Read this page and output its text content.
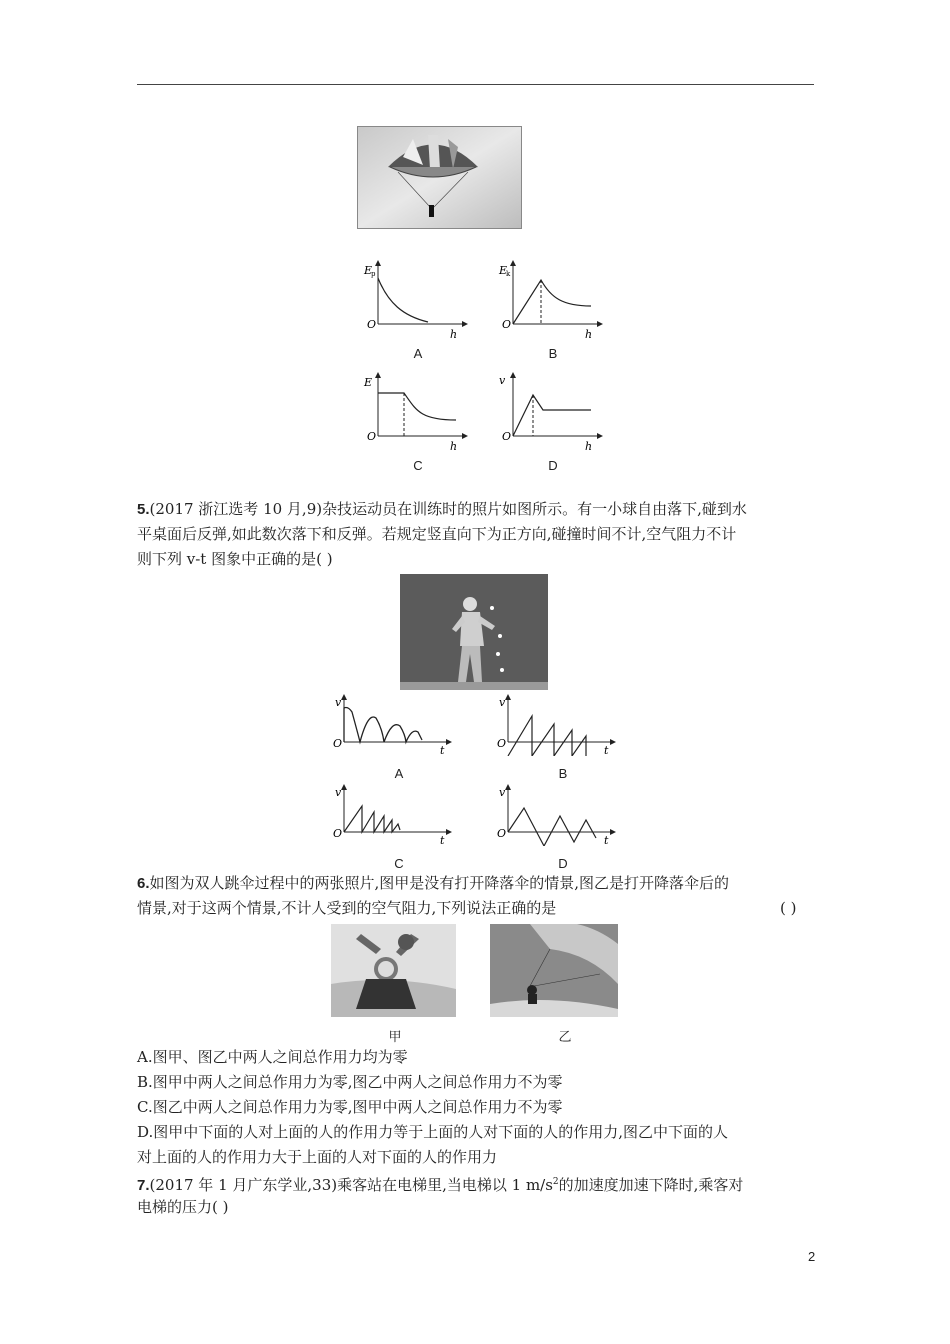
E
p
O
h
A
E
k
O
h
B
E
O
h
C
v
O
h
D
5.(2017 浙江选考 10 月,9)杂技运动员在训练时的照片如图所示。有一小球自由落下,碰到水
平桌面后反弹,如此数次落下和反弹。若规定竖直向下为正方向,碰撞时间不计,空气阻力不计
则下列 v-t 图象中正确的是( )
v
O
t
A
v
O
t
B
v
O
t
C
v
O
t
D
6.如图为双人跳伞过程中的两张照片,图甲是没有打开降落伞的情景,图乙是打开降落伞后的
情景,对于这两个情景,不计人受到的空气阻力,下列说法正确的是	( )
乙
甲
A.图甲、图乙中两人之间总作用力均为零
B.图甲中两人之间总作用力为零,图乙中两人之间总作用力不为零
C.图乙中两人之间总作用力为零,图甲中两人之间总作用力不为零
D.图甲中下面的人对上面的人的作用力等于上面的人对下面的人的作用力,图乙中下面的人
对上面的人的作用力大于上面的人对下面的人的作用力
7.(2017 年 1 月广东学业,33)乘客站在电梯里,当电梯以 1 $m/s^2$的加速度加速下降时,乘客对
电梯的压力( )
2
